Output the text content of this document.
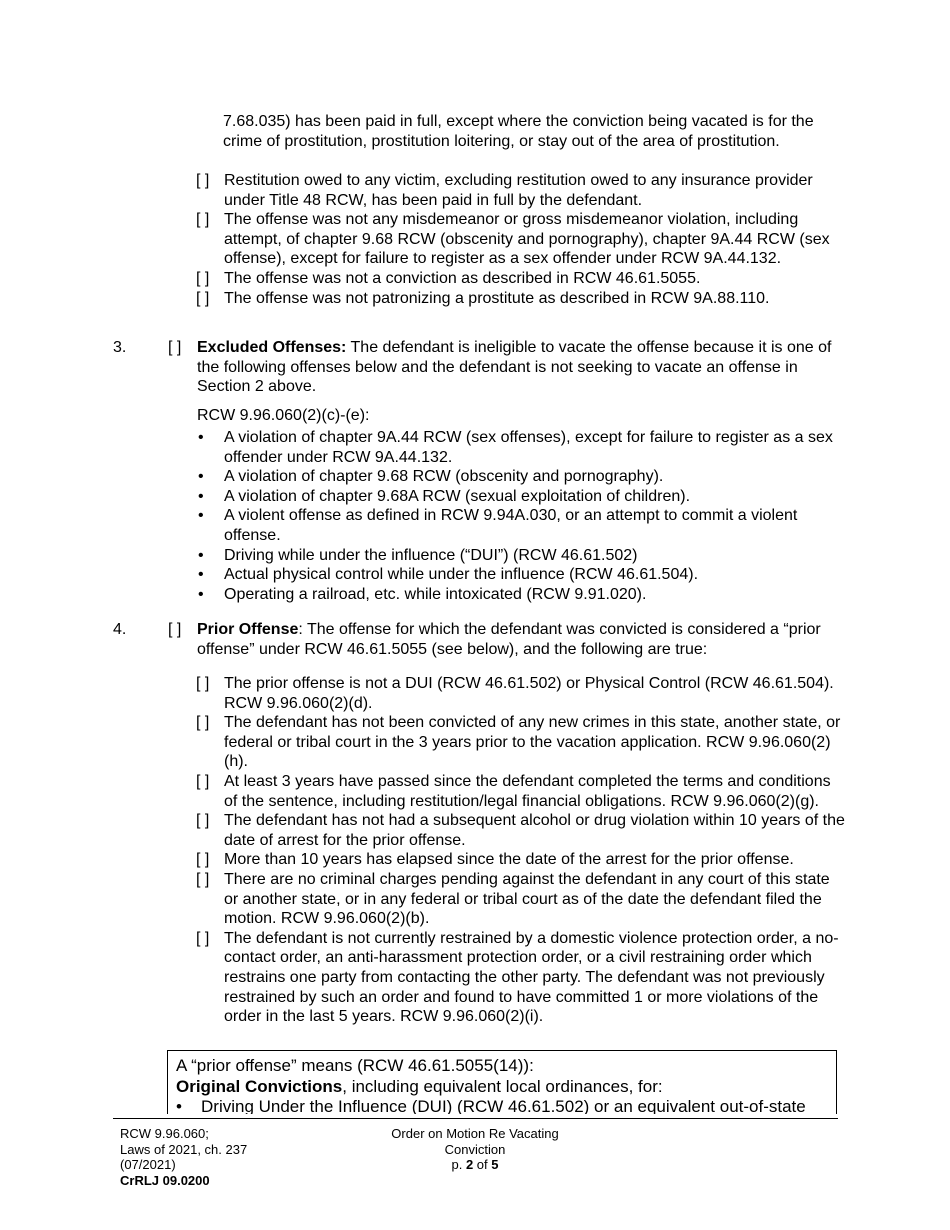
7.68.035) has been paid in full, except where the conviction being vacated is for the crime of prostitution, prostitution loitering, or stay out of the area of prostitution.
[ ] Restitution owed to any victim, excluding restitution owed to any insurance provider under Title 48 RCW, has been paid in full by the defendant.
[ ] The offense was not any misdemeanor or gross misdemeanor violation, including attempt, of chapter 9.68 RCW (obscenity and pornography), chapter 9A.44 RCW (sex offense), except for failure to register as a sex offender under RCW 9A.44.132.
[ ] The offense was not a conviction as described in RCW 46.61.5055.
[ ] The offense was not patronizing a prostitute as described in RCW 9A.88.110.
3.	[ ] Excluded Offenses: The defendant is ineligible to vacate the offense because it is one of the following offenses below and the defendant is not seeking to vacate an offense in Section 2 above.
RCW 9.96.060(2)(c)-(e):
• A violation of chapter 9A.44 RCW (sex offenses), except for failure to register as a sex offender under RCW 9A.44.132.
• A violation of chapter 9.68 RCW (obscenity and pornography).
• A violation of chapter 9.68A RCW (sexual exploitation of children).
• A violent offense as defined in RCW 9.94A.030, or an attempt to commit a violent offense.
• Driving while under the influence (“DUI”) (RCW 46.61.502)
• Actual physical control while under the influence (RCW 46.61.504).
• Operating a railroad, etc. while intoxicated (RCW 9.91.020).
4.	[ ] Prior Offense: The offense for which the defendant was convicted is considered a “prior offense” under RCW 46.61.5055 (see below), and the following are true:
[ ] The prior offense is not a DUI (RCW 46.61.502) or Physical Control (RCW 46.61.504). RCW 9.96.060(2)(d).
[ ] The defendant has not been convicted of any new crimes in this state, another state, or federal or tribal court in the 3 years prior to the vacation application. RCW 9.96.060(2)(h).
[ ] At least 3 years have passed since the defendant completed the terms and conditions of the sentence, including restitution/legal financial obligations. RCW 9.96.060(2)(g).
[ ] The defendant has not had a subsequent alcohol or drug violation within 10 years of the date of arrest for the prior offense.
[ ] More than 10 years has elapsed since the date of the arrest for the prior offense.
[ ] There are no criminal charges pending against the defendant in any court of this state or another state, or in any federal or tribal court as of the date the defendant filed the motion. RCW 9.96.060(2)(b).
[ ] The defendant is not currently restrained by a domestic violence protection order, a no-contact order, an anti-harassment protection order, or a civil restraining order which restrains one party from contacting the other party. The defendant was not previously restrained by such an order and found to have committed 1 or more violations of the order in the last 5 years. RCW 9.96.060(2)(i).
A “prior offense” means (RCW 46.61.5055(14)):
Original Convictions, including equivalent local ordinances, for:
• Driving Under the Influence (DUI) (RCW 46.61.502) or an equivalent out-of-state
RCW 9.96.060;
Laws of 2021, ch. 237
(07/2021)
CrRLJ 09.0200
Order on Motion Re Vacating
Conviction
p. 2 of 5
